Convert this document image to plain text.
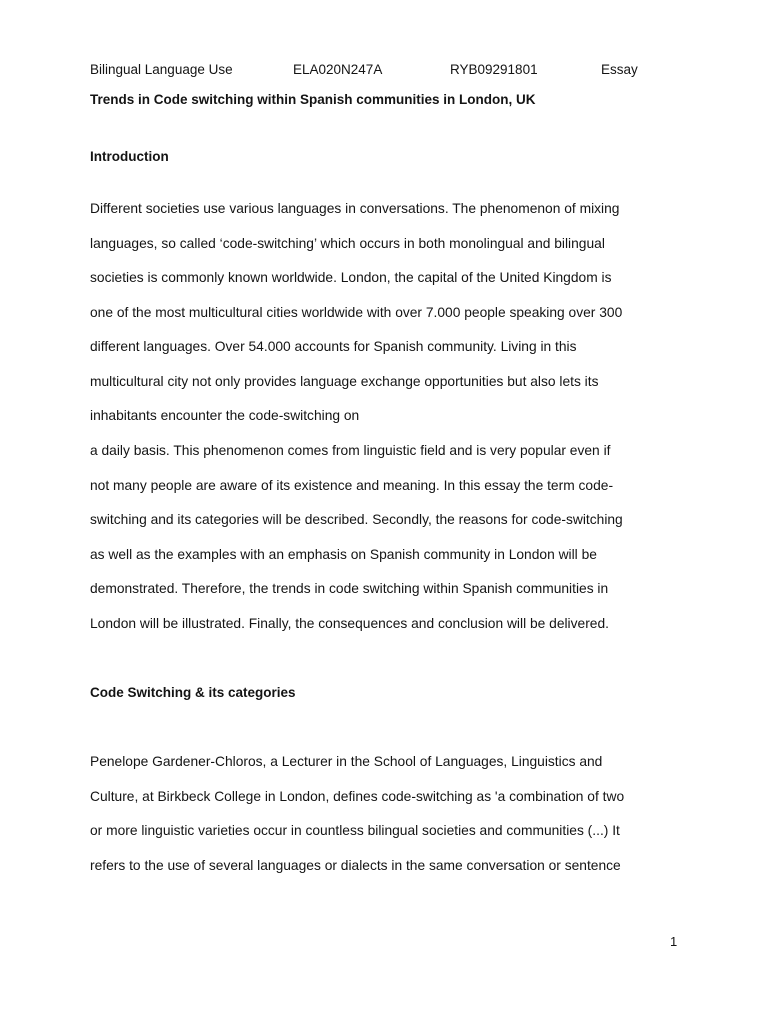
Bilingual Language Use	ELA020N247A	RYB09291801	Essay
Trends in Code switching within Spanish communities in London, UK
Introduction
Different societies use various languages in conversations. The phenomenon of mixing
languages, so called ‘code-switching’ which occurs in both monolingual and bilingual
societies is commonly known worldwide. London, the capital of the United Kingdom is
one of the most multicultural cities worldwide with over 7.000 people speaking over 300
different languages. Over 54.000 accounts for Spanish community. Living in this
multicultural city not only provides language exchange opportunities but also lets its
inhabitants encounter the code-switching on
a daily basis. This phenomenon comes from linguistic field and is very popular even if
not many people are aware of its existence and meaning. In this essay the term code-
switching and its categories will be described. Secondly, the reasons for code-switching
as well as the examples with an emphasis on Spanish community in London will be
demonstrated. Therefore, the trends in code switching within Spanish communities in
London will be illustrated. Finally, the consequences and conclusion will be delivered.
Code Switching & its categories
Penelope Gardener-Chloros, a Lecturer in the School of Languages, Linguistics and
Culture, at Birkbeck College in London, defines code-switching as 'a combination of two
or more linguistic varieties occur in countless bilingual societies and communities (...) It
refers to the use of several languages or dialects in the same conversation or sentence
1
